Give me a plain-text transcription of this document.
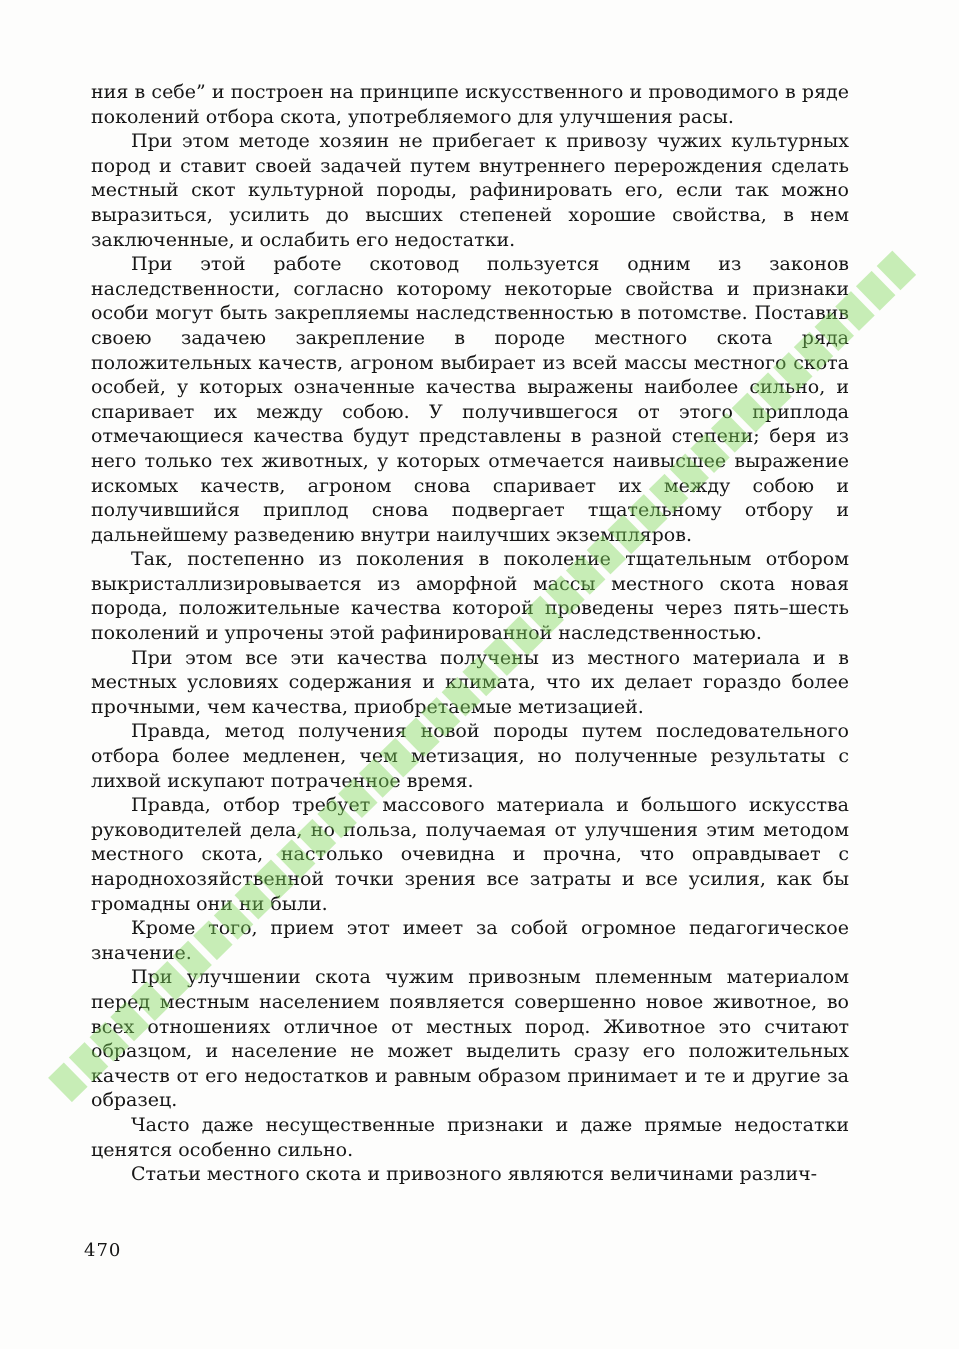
ния в себе” и построен на принципе искусственного и проводимого в ряде поколений отбора скота, употребляемого для улучшения расы.

При этом методе хозяин не прибегает к привозу чужих культурных пород и ставит своей задачей путем внутреннего перерождения сделать местный скот культурной породы, рафинировать его, если так можно выразиться, усилить до высших степеней хорошие свойства, в нем заключенные, и ослабить его недостатки.

При этой работе скотовод пользуется одним из законов наследственности, согласно которому некоторые свойства и признаки особи могут быть закрепляемы наследственностью в потомстве. Поставив своею задачею закрепление в породе местного скота ряда положительных качеств, агроном выбирает из всей массы местного скота особей, у которых означенные качества выражены наиболее сильно, и спаривает их между собою. У получившегося от этого приплода отмечающиеся качества будут представлены в разной степени; беря из него только тех животных, у которых отмечается наивысшее выражение искомых качеств, агроном снова спаривает их между собою и получившийся приплод снова подвергает тщательному отбору и дальнейшему разведению внутри наилучших экземпляров.

Так, постепенно из поколения в поколение тщательным отбором выкристаллизировывается из аморфной массы местного скота новая порода, положительные качества которой проведены через пять–шесть поколений и упрочены этой рафинированной наследственностью.

При этом все эти качества получены из местного материала и в местных условиях содержания и климата, что их делает гораздо более прочными, чем качества, приобретаемые метизацией.

Правда, метод получения новой породы путем последовательного отбора более медленен, чем метизация, но полученные результаты с лихвой искупают потраченное время.

Правда, отбор требует массового материала и большого искусства руководителей дела, но польза, получаемая от улучшения этим методом местного скота, настолько очевидна и прочна, что оправдывает с народнохозяйственной точки зрения все затраты и все усилия, как бы громадны они ни были.

Кроме того, прием этот имеет за собой огромное педагогическое значение.

При улучшении скота чужим привозным племенным материалом перед местным населением появляется совершенно новое животное, во всех отношениях отличное от местных пород. Животное это считают образцом, и население не может выделить сразу его положительных качеств от его недостатков и равным образом принимает и те и другие за образец.

Часто даже несущественные признаки и даже прямые недостатки ценятся особенно сильно.

Статьи местного скота и привозного являются величинами различ-

470
